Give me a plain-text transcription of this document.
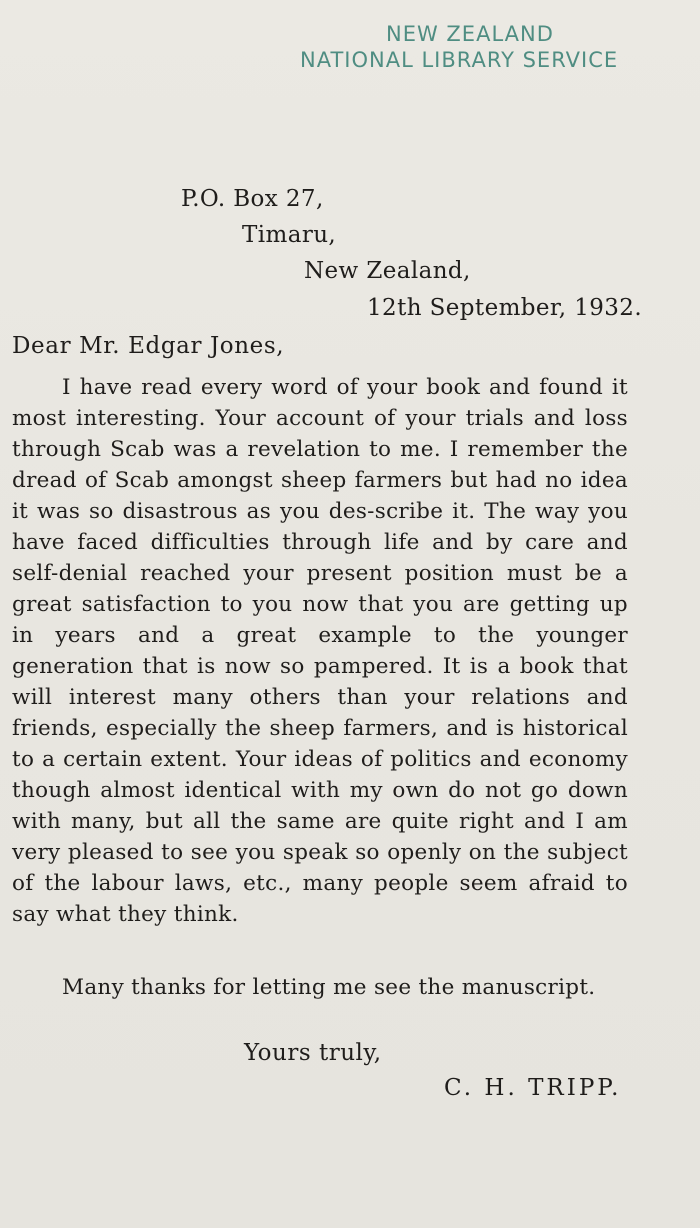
NEW ZEALAND
NATIONAL LIBRARY SERVICE
P.O. Box 27,
Timaru,
New Zealand,
12th September, 1932.
Dear Mr. Edgar Jones,
I have read every word of your book and found it most interesting. Your account of your trials and loss through Scab was a revelation to me. I remember the dread of Scab amongst sheep farmers but had no idea it was so disastrous as you des-scribe it. The way you have faced difficulties through life and by care and self-denial reached your present position must be a great satisfaction to you now that you are getting up in years and a great example to the younger generation that is now so pampered. It is a book that will interest many others than your relations and friends, especially the sheep farmers, and is historical to a certain extent. Your ideas of politics and economy though almost identical with my own do not go down with many, but all the same are quite right and I am very pleased to see you speak so openly on the subject of the labour laws, etc., many people seem afraid to say what they think.
Many thanks for letting me see the manuscript.
Yours truly,
C. H. TRIPP.
